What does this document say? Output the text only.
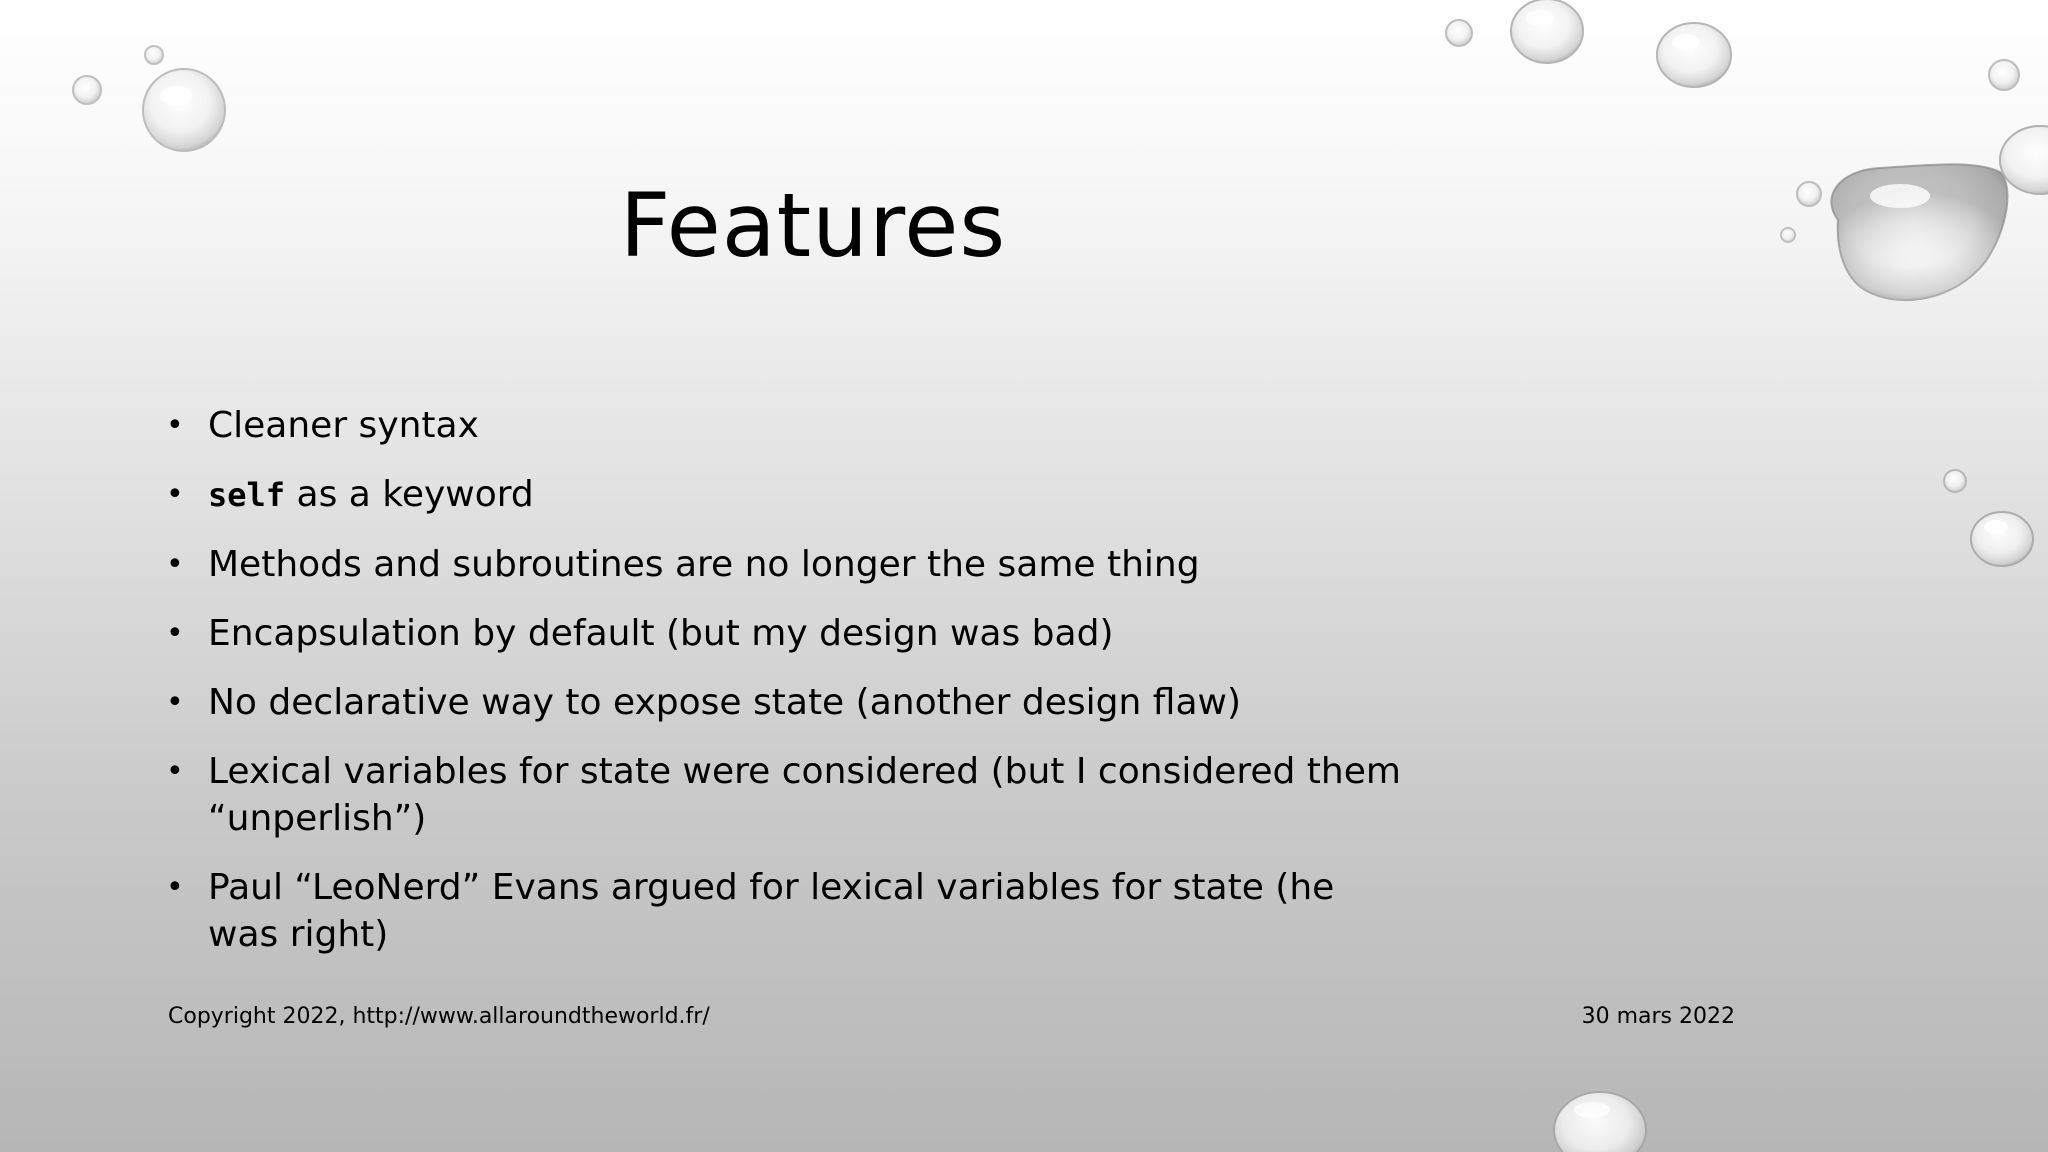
Features
• Cleaner syntax
• self as a keyword
• Methods and subroutines are no longer the same thing
• Encapsulation by default (but my design was bad)
• No declarative way to expose state (another design flaw)
• Lexical variables for state were considered (but I considered them “unperlish”)
• Paul “LeoNerd” Evans argued for lexical variables for state (he was right)
Copyright 2022, http://www.allaroundtheworld.fr/	30 mars 2022
